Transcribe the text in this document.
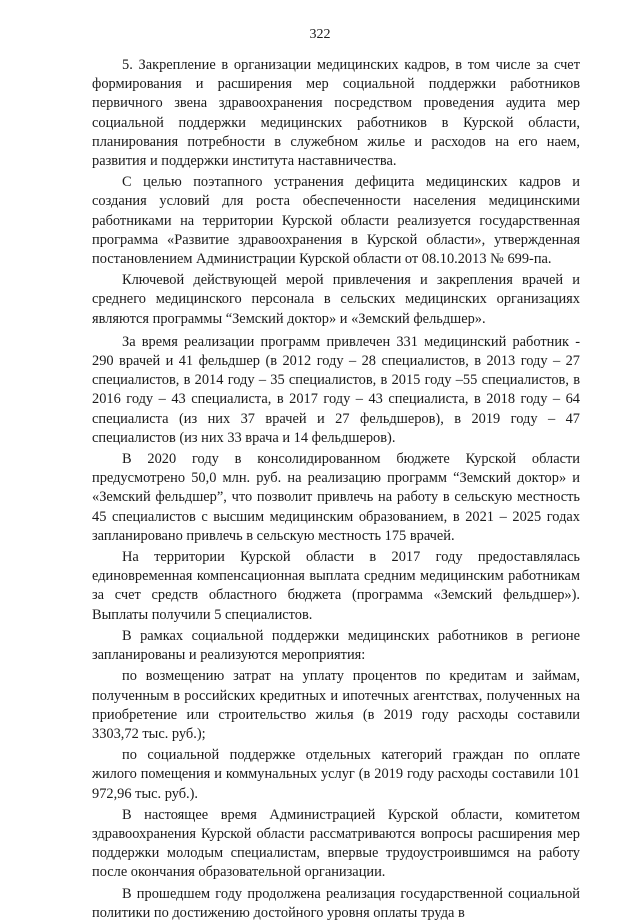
322

5. Закрепление в организации медицинских кадров, в том числе за счет формирования и расширения мер социальной поддержки работников первичного звена здравоохранения посредством проведения аудита мер социальной поддержки медицинских работников в Курской области, планирования потребности в служебном жилье и расходов на его наем, развития и поддержки института наставничества.

С целью поэтапного устранения дефицита медицинских кадров и создания условий для роста обеспеченности населения медицинскими работниками на территории Курской области реализуется государственная программа «Развитие здравоохранения в Курской области», утвержденная постановлением Администрации Курской области от 08.10.2013 № 699-па.

Ключевой действующей мерой привлечения и закрепления врачей и среднего медицинского персонала в сельских медицинских организациях являются программы “Земский доктор» и «Земский фельдшер».

За время реализации программ привлечен 331 медицинский работник - 290 врачей и 41 фельдшер (в 2012 году – 28 специалистов, в 2013 году – 27 специалистов, в 2014 году – 35 специалистов, в 2015 году –55 специалистов, в 2016 году – 43 специалиста, в 2017 году – 43 специалиста, в 2018 году – 64 специалиста (из них 37 врачей и 27 фельдшеров), в 2019 году – 47 специалистов (из них 33 врача и 14 фельдшеров).

В 2020 году в консолидированном бюджете Курской области предусмотрено 50,0 млн. руб. на реализацию программ “Земский доктор» и «Земский фельдшер”, что позволит привлечь на работу в сельскую местность 45 специалистов с высшим медицинским образованием, в 2021 – 2025 годах запланировано привлечь в сельскую местность 175 врачей.

На территории Курской области в 2017 году предоставлялась единовременная компенсационная выплата средним медицинским работникам за счет средств областного бюджета (программа «Земский фельдшер»). Выплаты получили 5 специалистов.

В рамках социальной поддержки медицинских работников в регионе запланированы и реализуются мероприятия:

по возмещению затрат на уплату процентов по кредитам и займам, полученным в российских кредитных и ипотечных агентствах, полученных на приобретение или строительство жилья (в 2019 году расходы составили 3303,72 тыс. руб.);

по социальной поддержке отдельных категорий граждан по оплате жилого помещения и коммунальных услуг (в 2019 году расходы составили 101 972,96 тыс. руб.).

В настоящее время Администрацией Курской области, комитетом здравоохранения Курской области рассматриваются вопросы расширения мер поддержки молодым специалистам, впервые трудоустроившимся на работу после окончания образовательной организации.

В прошедшем году продолжена реализация государственной социальной политики по достижению достойного уровня оплаты труда в
